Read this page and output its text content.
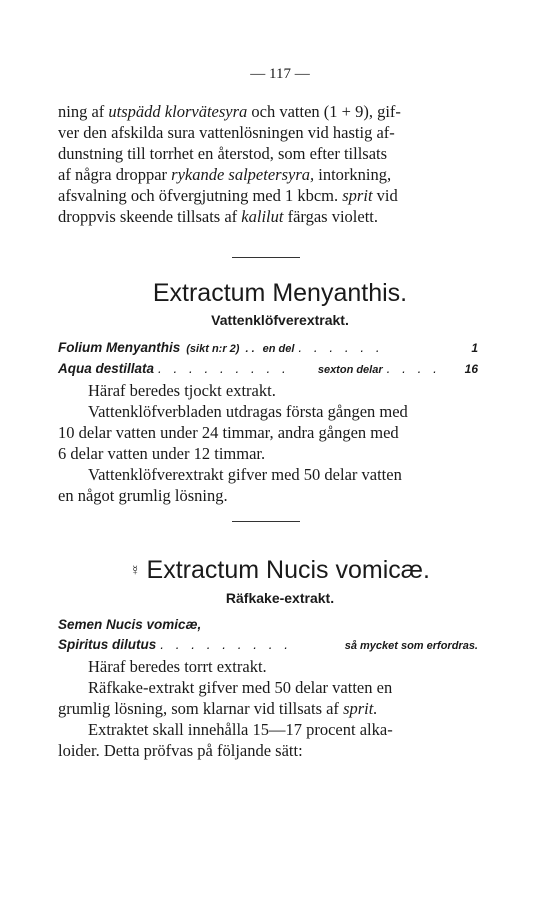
— 117 —
ning af utspädd klorvätesyra och vatten (1 + 9), gif-
ver den afskilda sura vattenlösningen vid hastig af-
dunstning till torrhet en återstod, som efter tillsats
af några droppar rykande salpetersyra, intorkning,
afsvalning och öfvergjutning med 1 kbcm. sprit vid
droppvis skeende tillsats af kalilut färgas violett.
Extractum Menyanthis.
Vattenklöfverextrakt.
Folium Menyanthis (sikt n:r 2) . . en del . . . . . .	1
Aqua destillata . . . . . . . . .	sexton delar . . . .	16
Häraf beredes tjockt extrakt.
Vattenklöfverbladen utdragas första gången med
10 delar vatten under 24 timmar, andra gången med
6 delar vatten under 12 timmar.
Vattenklöfverextrakt gifver med 50 delar vatten
en något grumlig lösning.
☿ Extractum Nucis vomicæ.
Räfkake-extrakt.
Semen Nucis vomicæ,
Spiritus dilutus . . . . . . . . .	så mycket som erfordras.
Häraf beredes torrt extrakt.
Räfkake-extrakt gifver med 50 delar vatten en
grumlig lösning, som klarnar vid tillsats af sprit.
Extraktet skall innehålla 15—17 procent alka-
loider. Detta pröfvas på följande sätt:
